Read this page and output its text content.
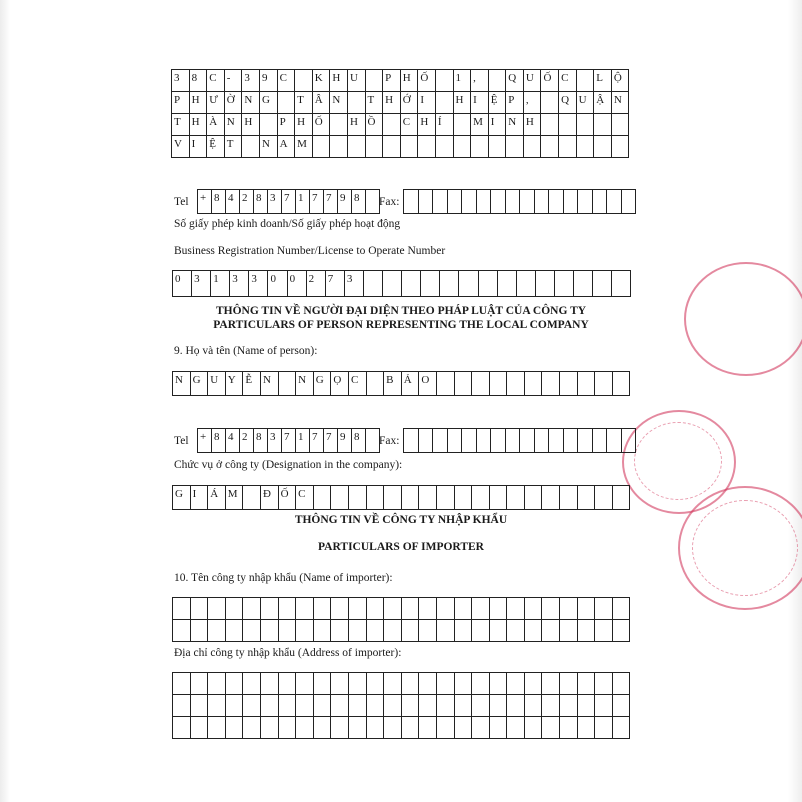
3	8	C -	3	9	C	K H U	P	H Ố	1	,	Q U Ố C	L Ộ
P	H Ư Ờ N G	T Â N	T H Ớ I	H I	Ệ P	,	Q U Ậ N
T H À N H	P	H Ố	H Ồ	C H Í	M I	N H
V I	Ệ T	N A M
Tel + 8 4 2 8 3 7 1 7 7 9 8	Fax:
Số giấy phép kinh doanh/Số giấy phép hoạt động
Business Registration Number/License to Operate Number
0	3	1	3	3	0	0	2	7	3
THÔNG TIN VỀ NGƯỜI ĐẠI DIỆN THEO PHÁP LUẬT CỦA CÔNG TY
PARTICULARS OF PERSON REPRESENTING THE LOCAL COMPANY
9. Họ và tên (Name of person):
N G U Y Ễ N	N G Ọ C	B Ả O
Tel + 8 4 2 8 3 7 1 7 7 9 8	Fax:
Chức vụ ở công ty (Designation in the company):
G I	Á M	Đ Ố C
THÔNG TIN VỀ CÔNG TY NHẬP KHẨU
PARTICULARS OF IMPORTER
10. Tên công ty nhập khẩu (Name of importer):
Địa chỉ công ty nhập khẩu (Address of importer):
